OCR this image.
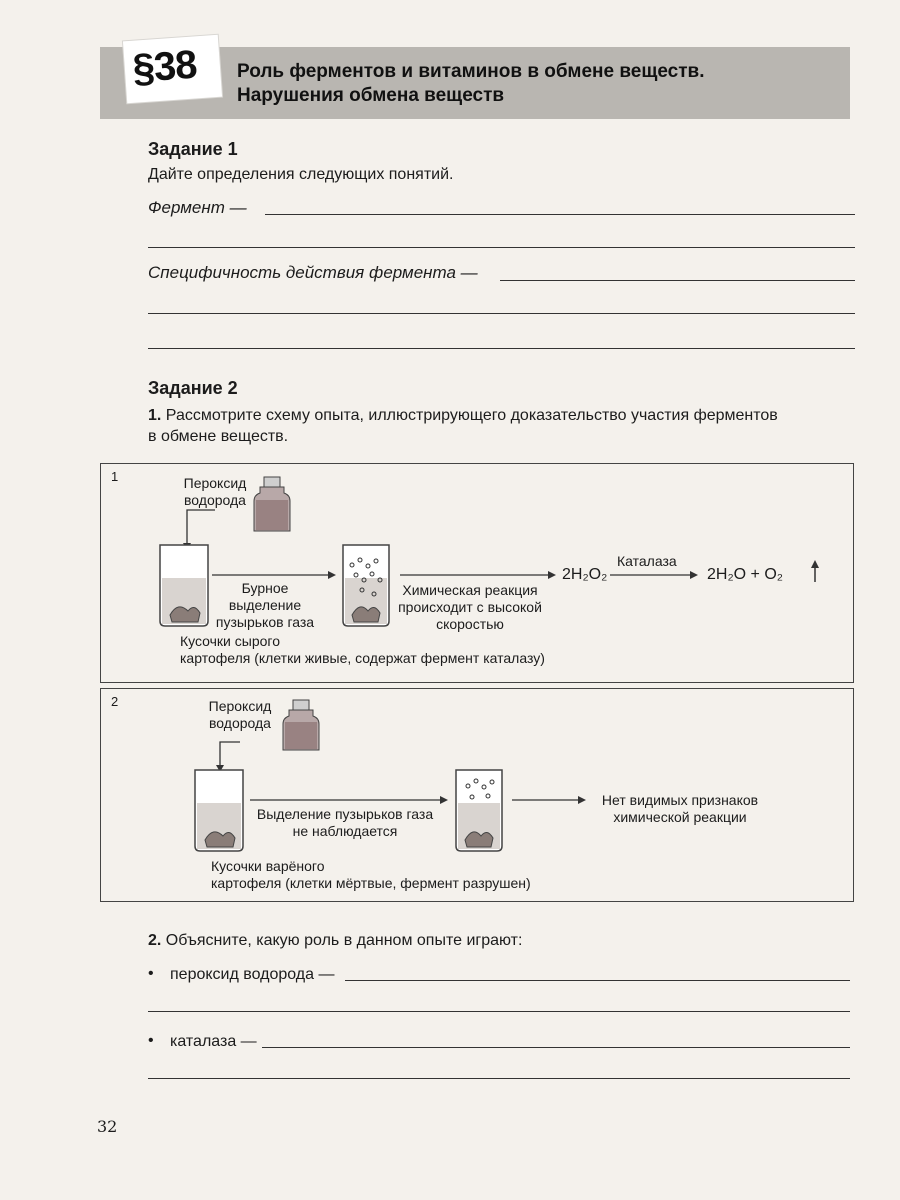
§38	Роль ферментов и витаминов в обмене веществ.
Нарушения обмена веществ
Задание 1
Дайте определения следующих понятий.
Фермент —
Специфичность действия фермента —
Задание 2
1. Рассмотрите схему опыта, иллюстрирующего доказательство участия ферментов
в обмене веществ.
1	Пероксид
водорода
Бурное выделение
пузырьков газа
Химическая реакция
происходит с высокой
скоростью
2H₂O₂
Каталаза
2H₂O + O₂
Кусочки сырого
картофеля (клетки живые, содержат фермент каталазу)
2	Пероксид
водорода
Выделение пузырьков газа
не наблюдается
Нет видимых признаков
химической реакции
Кусочки варёного
картофеля (клетки мёртвые, фермент разрушен)
2. Объясните, какую роль в данном опыте играют:
• пероксид водорода —
• каталаза —
32
